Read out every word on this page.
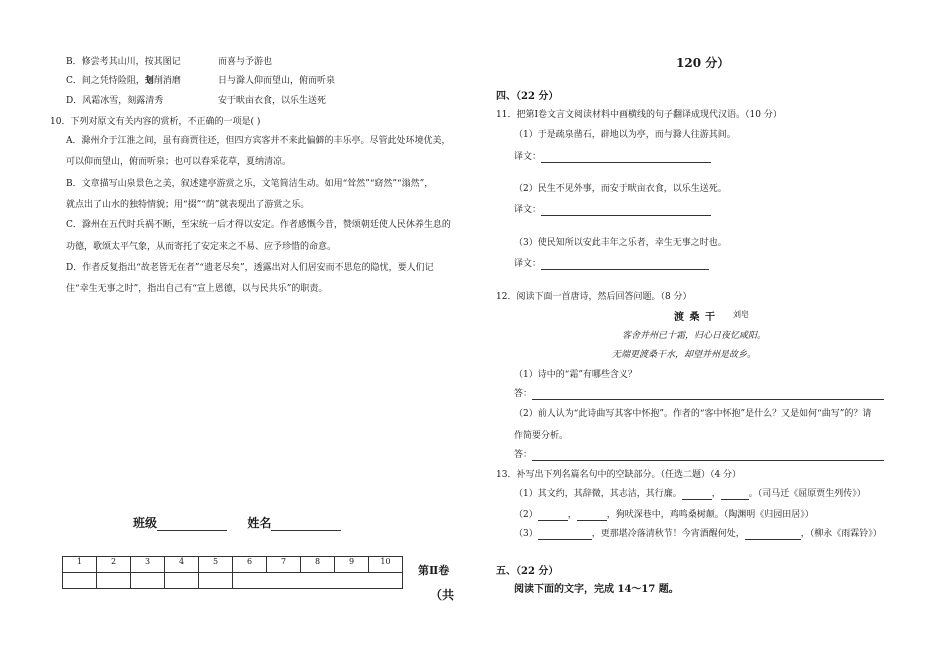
B．修尝考其山川，按其图记	而喜与予游也
C．间之凭恃险阻，刬削消磨	日与滁人仰而望山，俯而听泉
D．风霜冰雪，刻露清秀	安于畎亩衣食，以乐生送死
10．下列对原文有关内容的赏析，不正确的一项是( )
A．滁州介于江淮之间，虽有商贾往还，但四方宾客并不来此偏僻的丰乐亭。尽管此处环境优美，
可以仰而望山，俯而听泉；也可以春采花草，夏纳清凉。
B．文章描写山泉景色之美，叙述建亭游赏之乐，文笔简洁生动。如用“耸然”“窈然”“滃然”，
就点出了山水的独特情貌；用“掇”“荫”就表现出了游赏之乐。
C．滁州在五代时兵祸不断，至宋统一后才得以安定。作者感慨今昔，赞颂朝廷使人民休养生息的
功德，歌颂太平气象，从而寄托了安定来之不易、应予珍惜的命意。
D．作者反复指出“故老皆无在者”“遗老尽矣”，透露出对人们居安而不思危的隐忧，要人们记
住“幸生无事之时”，指出自己有“宣上恩德，以与民共乐”的职责。
班级	姓名
1	2	3	4	5	6	7	8	9	10

第Ⅱ卷
（共
120 分）
四、（22 分）
11．把第Ⅰ卷文言文阅读材料中画横线的句子翻译成现代汉语。（10 分）
（1）于是疏泉凿石，辟地以为亭，而与滁人往游其间。
译文：
（2）民生不见外事，而安于畎亩衣食，以乐生送死。
译文：
（3）使民知所以安此丰年之乐者，幸生无事之时也。
译文：
12．阅读下面一首唐诗，然后回答问题。（8 分）
渡 桑 干 刘皂
客舍并州已十霜，归心日夜忆咸阳。
无端更渡桑干水，却望并州是故乡。
（1）诗中的“霜”有哪些含义？
答：
（2）前人认为“此诗曲写其客中怀抱”。作者的“客中怀抱”是什么？又是如何“曲写”的？请
作简要分析。
答：
13．补写出下列名篇名句中的空缺部分。（任选二题）（4 分）
（1）其文约，其辞微，其志洁，其行廉。	，	。（司马迁《屈原贾生列传》）
（2）	，	，狗吠深巷中，鸡鸣桑树颠。（陶渊明《归园田居》）
（3）	，更那堪冷落清秋节！今宵酒醒何处，	，（柳永《雨霖铃》）
五、（22 分）
阅读下面的文字，完成 14～17 题。
